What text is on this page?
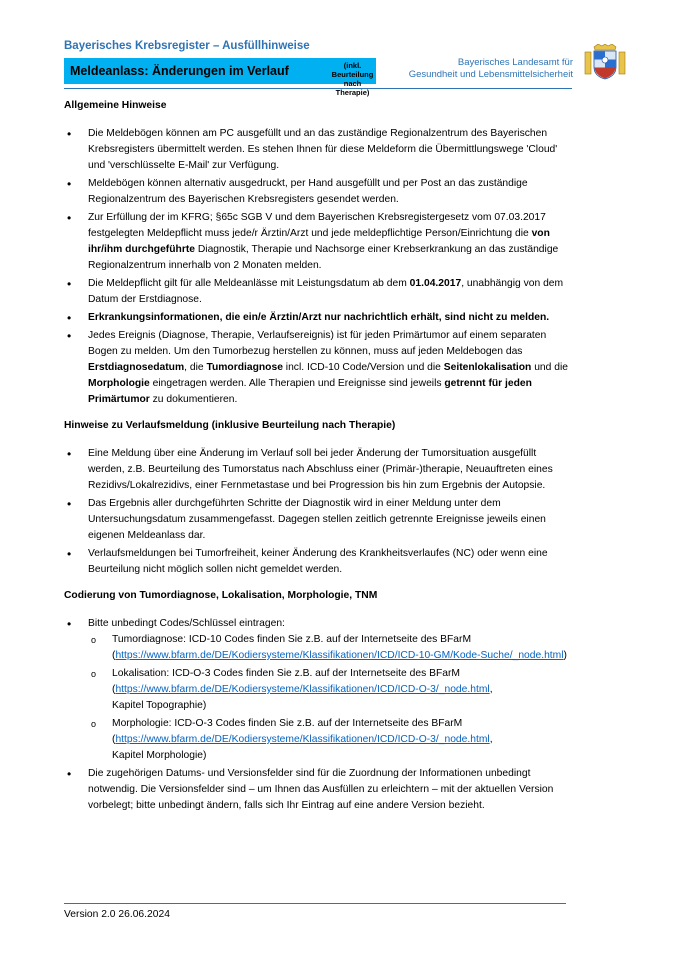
Bayerisches Krebsregister – Ausfüllhinweise
Meldeanlass: Änderungen im Verlauf	(inkl. Beurteilung
nach Therapie)
Bayerisches Landesamt für
Gesundheit und Lebensmittelsicherheit
Allgemeine Hinweise
• Die Meldebögen können am PC ausgefüllt und an das zuständige Regionalzentrum des Bayerischen Krebsregisters übermittelt werden. Es stehen Ihnen für diese Meldeform die Übermittlungswege 'Cloud' und 'verschlüsselte E-Mail' zur Verfügung.
• Meldebögen können alternativ ausgedruckt, per Hand ausgefüllt und per Post an das zuständige Regionalzentrum des Bayerischen Krebsregisters gesendet werden.
• Zur Erfüllung der im KFRG; §65c SGB V und dem Bayerischen Krebsregistergesetz vom 07.03.2017 festgelegten Meldepflicht muss jede/r Ärztin/Arzt und jede meldepflichtige Person/Einrichtung die von ihr/ihm durchgeführte Diagnostik, Therapie und Nachsorge einer Krebserkrankung an das zuständige Regionalzentrum innerhalb von 2 Monaten melden.
• Die Meldepflicht gilt für alle Meldeanlässe mit Leistungsdatum ab dem 01.04.2017, unabhängig von dem Datum der Erstdiagnose.
• Erkrankungsinformationen, die ein/e Ärztin/Arzt nur nachrichtlich erhält, sind nicht zu melden.
• Jedes Ereignis (Diagnose, Therapie, Verlaufsereignis) ist für jeden Primärtumor auf einem separaten Bogen zu melden. Um den Tumorbezug herstellen zu können, muss auf jeden Meldebogen das Erstdiagnosedatum, die Tumordiagnose incl. ICD-10 Code/Version und die Seitenlokalisation und die Morphologie eingetragen werden. Alle Therapien und Ereignisse sind jeweils getrennt für jeden Primärtumor zu dokumentieren.
Hinweise zu Verlaufsmeldung (inklusive Beurteilung nach Therapie)
• Eine Meldung über eine Änderung im Verlauf soll bei jeder Änderung der Tumorsituation ausgefüllt werden, z.B. Beurteilung des Tumorstatus nach Abschluss einer (Primär-)therapie, Neuauftreten eines Rezidivs/Lokalrezidivs, einer Fernmetastase und bei Progression bis hin zum Ergebnis der Autopsie.
• Das Ergebnis aller durchgeführten Schritte der Diagnostik wird in einer Meldung unter dem Untersuchungsdatum zusammengefasst. Dagegen stellen zeitlich getrennte Ereignisse jeweils einen eigenen Meldeanlass dar.
• Verlaufsmeldungen bei Tumorfreiheit, keiner Änderung des Krankheitsverlaufes (NC) oder wenn eine Beurteilung nicht möglich sollen nicht gemeldet werden.
Codierung von Tumordiagnose, Lokalisation, Morphologie, TNM
• Bitte unbedingt Codes/Schlüssel eintragen:
o Tumordiagnose: ICD-10 Codes finden Sie z.B. auf der Internetseite des BFarM
(https://www.bfarm.de/DE/Kodiersysteme/Klassifikationen/ICD/ICD-10-GM/Kode-Suche/_node.html)
o Lokalisation: ICD-O-3 Codes finden Sie z.B. auf der Internetseite des BFarM
(https://www.bfarm.de/DE/Kodiersysteme/Klassifikationen/ICD/ICD-O-3/_node.html,
Kapitel Topographie)
o Morphologie: ICD-O-3 Codes finden Sie z.B. auf der Internetseite des BFarM
(https://www.bfarm.de/DE/Kodiersysteme/Klassifikationen/ICD/ICD-O-3/_node.html,
Kapitel Morphologie)
• Die zugehörigen Datums- und Versionsfelder sind für die Zuordnung der Informationen unbedingt notwendig. Die Versionsfelder sind – um Ihnen das Ausfüllen zu erleichtern – mit der aktuellen Version vorbelegt; bitte unbedingt ändern, falls sich Ihr Eintrag auf eine andere Version bezieht.
Version 2.0 26.06.2024
